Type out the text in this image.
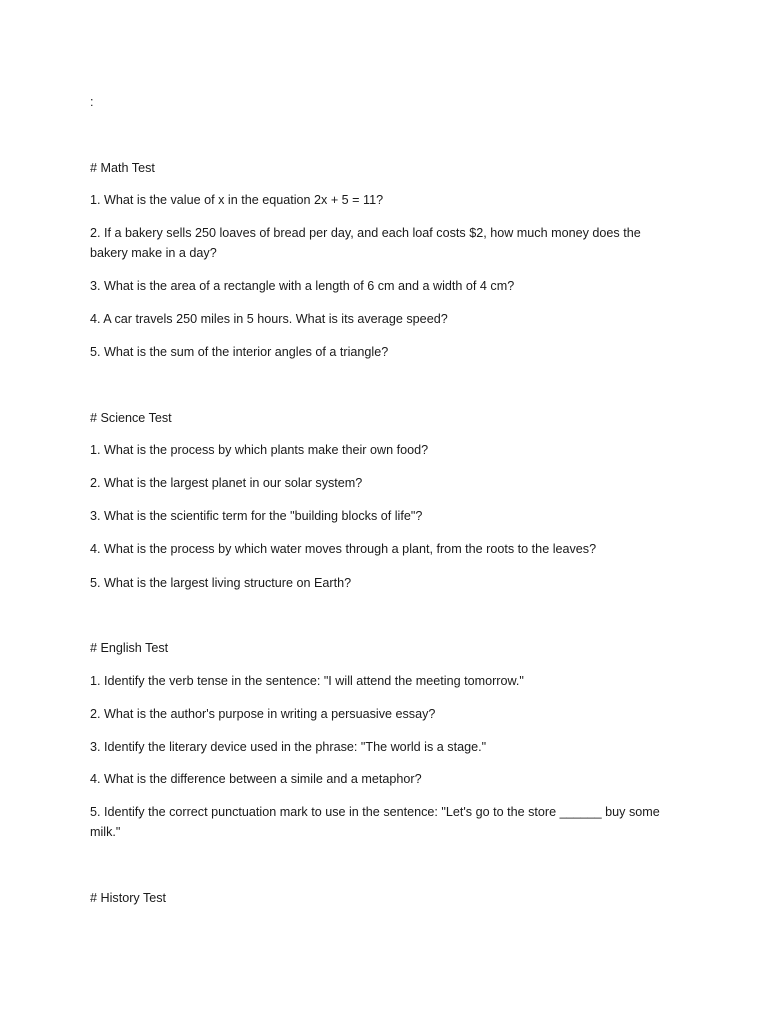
:
# Math Test
1. What is the value of x in the equation 2x + 5 = 11?
2. If a bakery sells 250 loaves of bread per day, and each loaf costs $2, how much money does the bakery make in a day?
3. What is the area of a rectangle with a length of 6 cm and a width of 4 cm?
4. A car travels 250 miles in 5 hours. What is its average speed?
5. What is the sum of the interior angles of a triangle?
# Science Test
1. What is the process by which plants make their own food?
2. What is the largest planet in our solar system?
3. What is the scientific term for the "building blocks of life"?
4. What is the process by which water moves through a plant, from the roots to the leaves?
5. What is the largest living structure on Earth?
# English Test
1. Identify the verb tense in the sentence: "I will attend the meeting tomorrow."
2. What is the author's purpose in writing a persuasive essay?
3. Identify the literary device used in the phrase: "The world is a stage."
4. What is the difference between a simile and a metaphor?
5. Identify the correct punctuation mark to use in the sentence: "Let's go to the store ______ buy some milk."
# History Test
